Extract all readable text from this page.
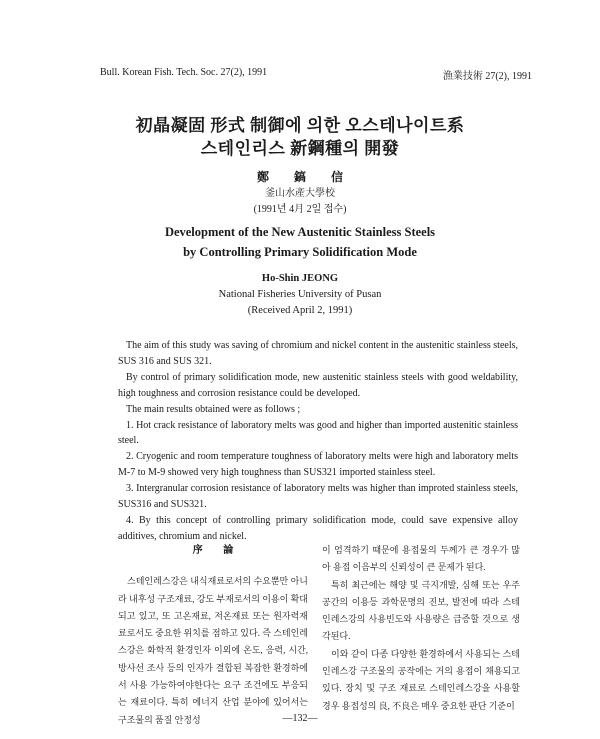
Bull. Korean Fish. Tech. Soc. 27(2), 1991	漁業技術 27(2), 1991
初晶凝固 形式 制御에 의한 오스테나이트系
스테인리스 新鋼種의 開發
鄭 鎬 信
釜山水產大學校
(1991년 4月 2일 접수)
Development of the New Austenitic Stainless Steels
by Controlling Primary Solidification Mode
Ho-Shin JEONG
National Fisheries University of Pusan
(Received April 2, 1991)

The aim of this study was saving of chromium and nickel content in the austenitic stainless steels, SUS 316 and SUS 321.

By control of primary solidification mode, new austenitic stainless steels with good weldability, high toughness and corrosion resistance could be developed.

The main results obtained were as follows ;

1. Hot crack resistance of laboratory melts was good and higher than imported austenitic stainless steel.

2. Cryogenic and room temperature toughness of laboratory melts were high and laboratory melts M-7 to M-9 showed very high toughness than SUS321 imported stainless steel.

3. Intergranular corrosion resistance of laboratory melts was higher than improted stainless steels, SUS316 and SUS321.

4. By this concept of controlling primary solidification mode, could save expensive alloy additives, chromium and nickel.

序 論

스테인레스강은 내식재료로서의 수요뿐만 아니라 내후성 구조재료, 강도 부재로서의 이용이 확대되고 있고, 또 고온재료, 저온재료 또는 원자력재료로서도 중요한 위치를 점하고 있다. 즉 스테인레스강은 화학적 환경인자 이외에 온도, 응력, 시간, 방사선 조사 등의 인자가 결합된 복잡한 환경하에서 사용 가능하여야한다는 요구 조건에도 부응되는 재료이다. 특히 에너지 산업 분야에 있어서는 구조물의 품질 안정성

이 엄격하기 때문에 용접물의 두께가 큰 경우가 많아 용접 이음부의 신뢰성이 큰 문제가 된다.

특히 최근에는 해양 및 극지개발, 심해 또는 우주 공간의 이용등 과학문명의 진보, 발전에 따라 스테인레스강의 사용빈도와 사용량은 급증할 것으로 생각된다.

이와 같이 다종 다양한 환경하에서 사용되는 스테인레스강 구조물의 공작에는 거의 용접이 채용되고 있다. 장치 및 구조 재료로 스테인레스강을 사용할 경우 용접성의 良, 不良은 매우 중요한 판단 기준이

—132—
